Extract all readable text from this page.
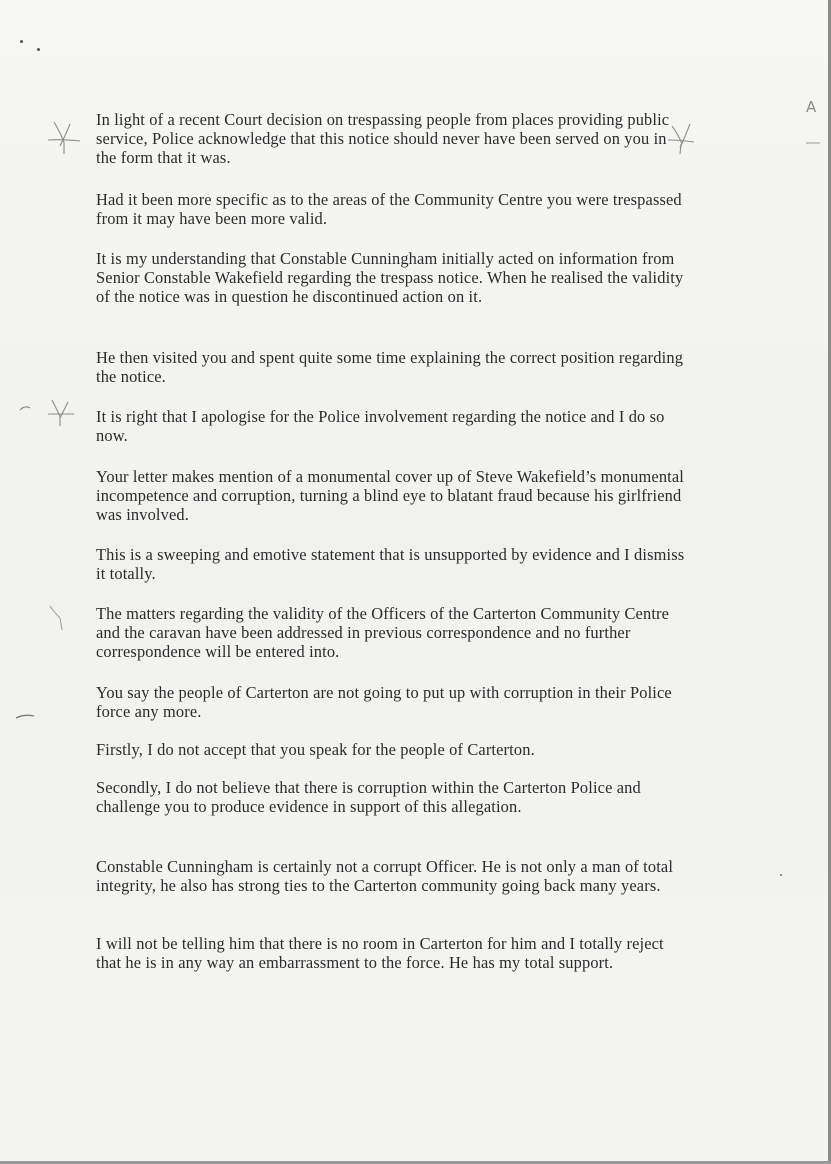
In light of a recent Court decision on trespassing people from places providing public service, Police acknowledge that this notice should never have been served on you in the form that it was.

Had it been more specific as to the areas of the Community Centre you were trespassed from it may have been more valid.

It is my understanding that Constable Cunningham initially acted on information from Senior Constable Wakefield regarding the trespass notice. When he realised the validity of the notice was in question he discontinued action on it.

He then visited you and spent quite some time explaining the correct position regarding the notice.

It is right that I apologise for the Police involvement regarding the notice and I do so now.

Your letter makes mention of a monumental cover up of Steve Wakefield’s monumental incompetence and corruption, turning a blind eye to blatant fraud because his girlfriend was involved.

This is a sweeping and emotive statement that is unsupported by evidence and I dismiss it totally.

The matters regarding the validity of the Officers of the Carterton Community Centre and the caravan have been addressed in previous correspondence and no further correspondence will be entered into.

You say the people of Carterton are not going to put up with corruption in their Police force any more.

Firstly, I do not accept that you speak for the people of Carterton.

Secondly, I do not believe that there is corruption within the Carterton Police and challenge you to produce evidence in support of this allegation.

Constable Cunningham is certainly not a corrupt Officer. He is not only a man of total integrity, he also has strong ties to the Carterton community going back many years.

I will not be telling him that there is no room in Carterton for him and I totally reject that he is in any way an embarrassment to the force. He has my total support.

A
